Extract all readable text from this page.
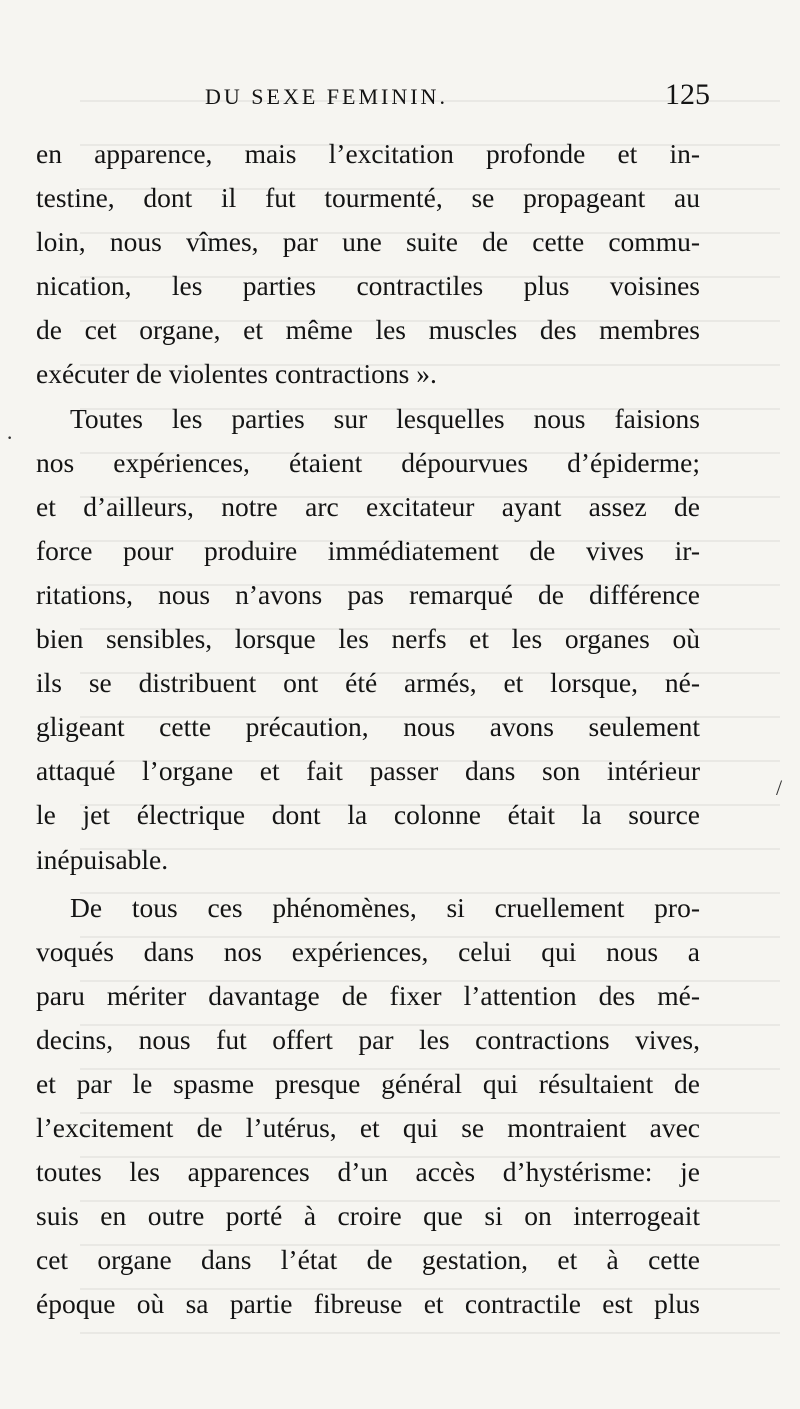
DU SEXE FEMININ.	125
en apparence, mais l’excitation profonde et in-
testine, dont il fut tourmenté, se propageant au
loin, nous vîmes, par une suite de cette commu-
nication, les parties contractiles plus voisines
de cet organe, et même les muscles des membres
exécuter de violentes contractions ».
Toutes les parties sur lesquelles nous faisions
nos expériences, étaient dépourvues d’épiderme;
et d’ailleurs, notre arc excitateur ayant assez de
force pour produire immédiatement de vives ir-
ritations, nous n’avons pas remarqué de différence
bien sensibles, lorsque les nerfs et les organes où
ils se distribuent ont été armés, et lorsque, né-
gligeant cette précaution, nous avons seulement
attaqué l’organe et fait passer dans son intérieur
le jet électrique dont la colonne était la source
inépuisable.
De tous ces phénomènes, si cruellement pro-
voqués dans nos expériences, celui qui nous a
paru mériter davantage de fixer l’attention des mé-
decins, nous fut offert par les contractions vives,
et par le spasme presque général qui résultaient de
l’excitement de l’utérus, et qui se montraient avec
toutes les apparences d’un accès d’hystérisme: je
suis en outre porté à croire que si on interrogeait
cet organe dans l’état de gestation, et à cette
époque où sa partie fibreuse et contractile est plus
·
/
